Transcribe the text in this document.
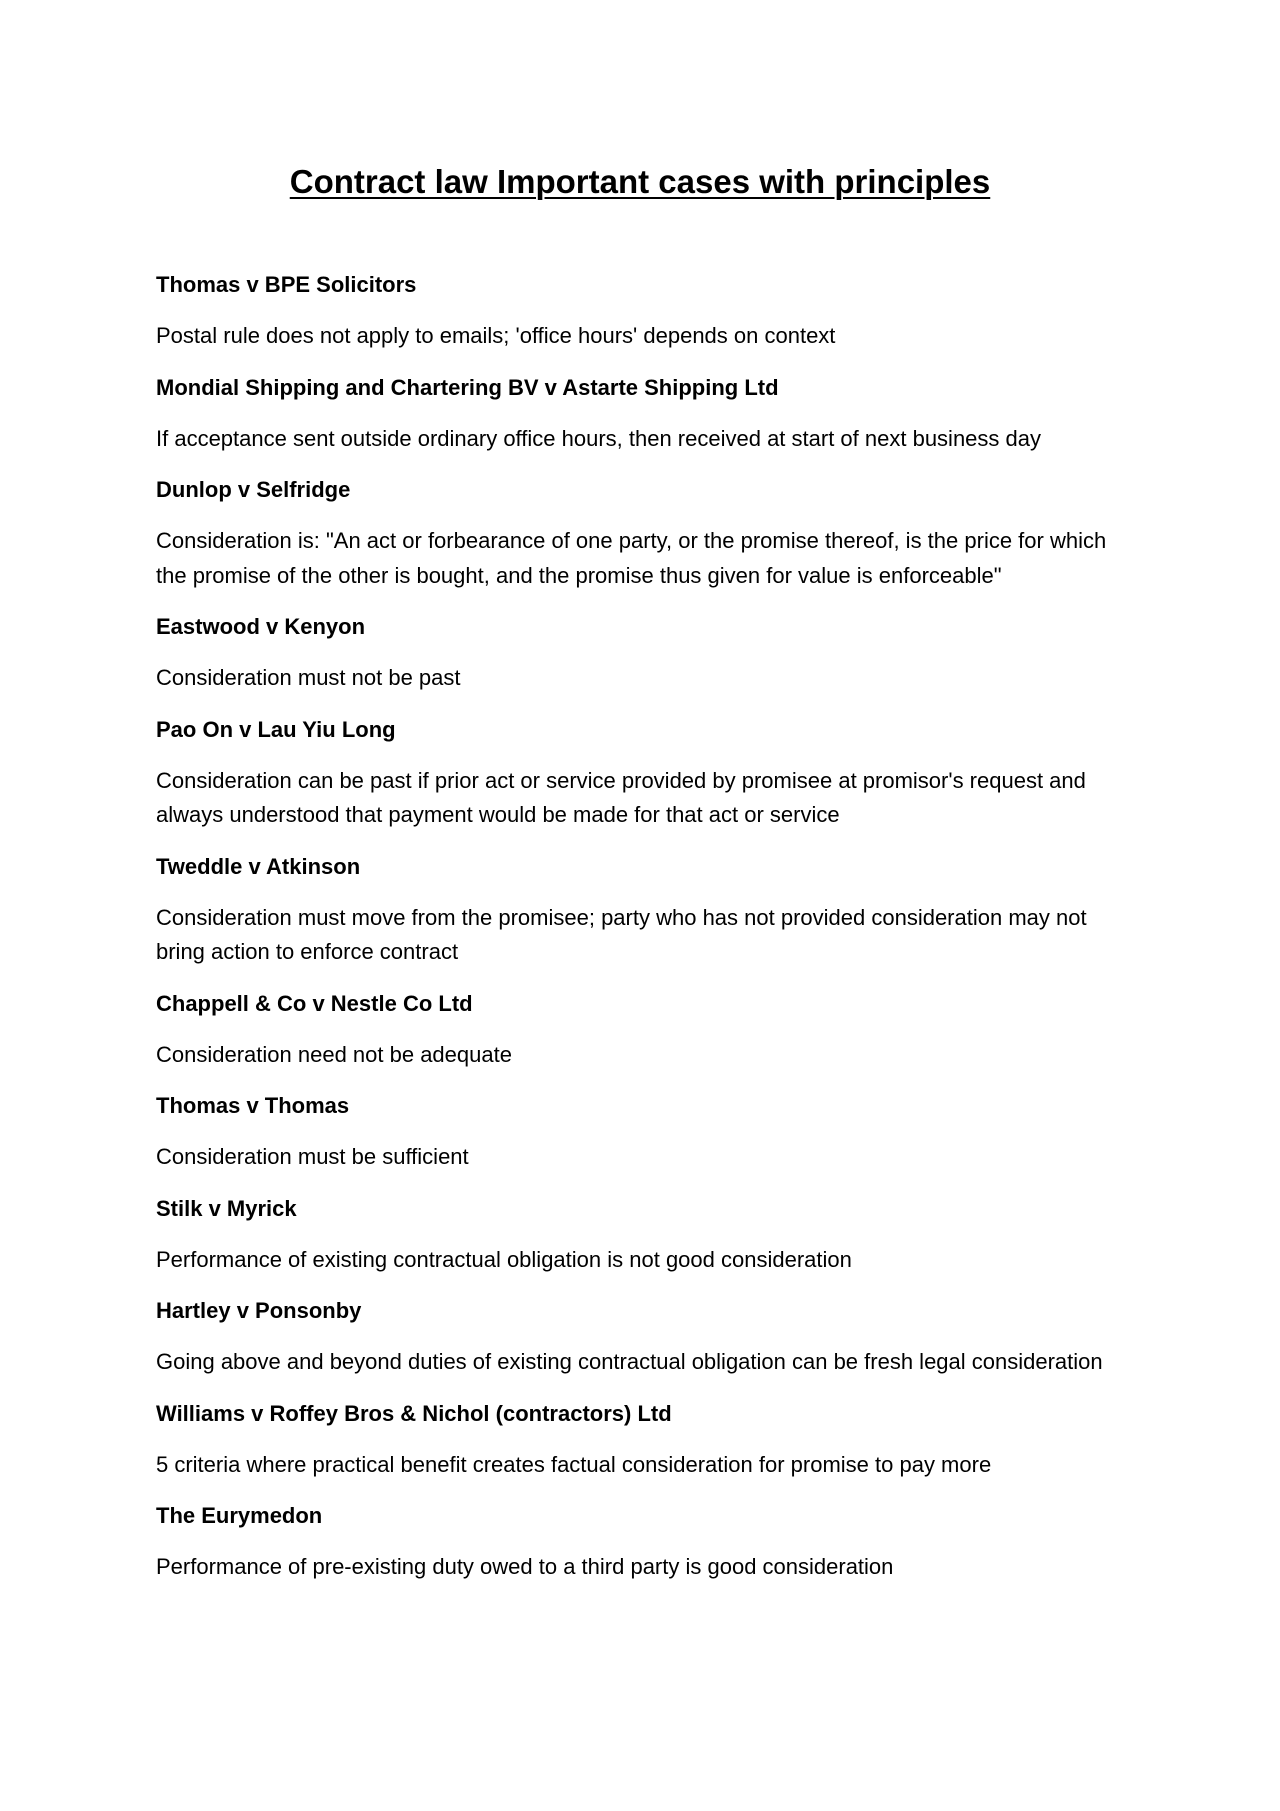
Contract law Important cases with principles

Thomas v BPE Solicitors

Postal rule does not apply to emails; 'office hours' depends on context

Mondial Shipping and Chartering BV v Astarte Shipping Ltd

If acceptance sent outside ordinary office hours, then received at start of next business day

Dunlop v Selfridge

Consideration is: "An act or forbearance of one party, or the promise thereof, is the price for which the promise of the other is bought, and the promise thus given for value is enforceable"

Eastwood v Kenyon

Consideration must not be past

Pao On v Lau Yiu Long

Consideration can be past if prior act or service provided by promisee at promisor's request and always understood that payment would be made for that act or service

Tweddle v Atkinson

Consideration must move from the promisee; party who has not provided consideration may not bring action to enforce contract

Chappell & Co v Nestle Co Ltd

Consideration need not be adequate

Thomas v Thomas

Consideration must be sufficient

Stilk v Myrick

Performance of existing contractual obligation is not good consideration

Hartley v Ponsonby

Going above and beyond duties of existing contractual obligation can be fresh legal consideration

Williams v Roffey Bros & Nichol (contractors) Ltd

5 criteria where practical benefit creates factual consideration for promise to pay more

The Eurymedon

Performance of pre-existing duty owed to a third party is good consideration
